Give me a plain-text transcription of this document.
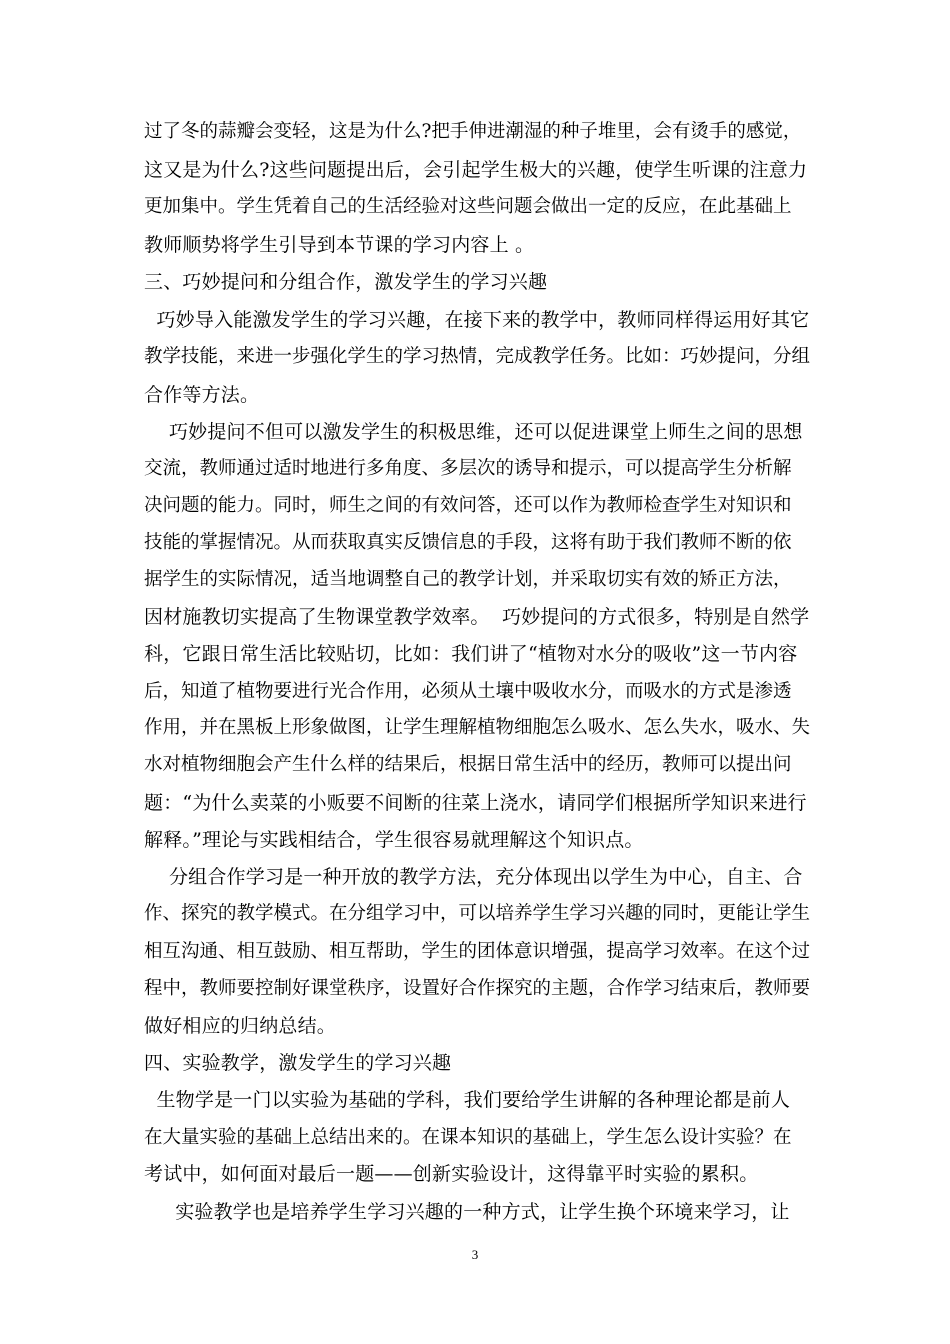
过了冬的蒜瓣会变轻，这是为什么?把手伸进潮湿的种子堆里，会有烫手的感觉，
这又是为什么?这些问题提出后，会引起学生极大的兴趣，使学生听课的注意力
更加集中。学生凭着自己的生活经验对这些问题会做出一定的反应，在此基础上
教师顺势将学生引导到本节课的学习内容上 。
三、巧妙提问和分组合作，激发学生的学习兴趣
巧妙导入能激发学生的学习兴趣，在接下来的教学中，教师同样得运用好其它
教学技能，来进一步强化学生的学习热情，完成教学任务。比如：巧妙提问，分组
合作等方法。
巧妙提问不但可以激发学生的积极思维，还可以促进课堂上师生之间的思想
交流，教师通过适时地进行多角度、多层次的诱导和提示，可以提高学生分析解
决问题的能力。同时，师生之间的有效问答，还可以作为教师检查学生对知识和
技能的掌握情况。从而获取真实反馈信息的手段，这将有助于我们教师不断的依
据学生的实际情况，适当地调整自己的教学计划，并采取切实有效的矫正方法，
因材施教切实提高了生物课堂教学效率。  巧妙提问的方式很多，特别是自然学
科，它跟日常生活比较贴切，比如：我们讲了“植物对水分的吸收”这一节内容
后，知道了植物要进行光合作用，必须从土壤中吸收水分，而吸水的方式是渗透
作用，并在黑板上形象做图，让学生理解植物细胞怎么吸水、怎么失水，吸水、失
水对植物细胞会产生什么样的结果后，根据日常生活中的经历，教师可以提出问
题：“为什么卖菜的小贩要不间断的往菜上浇水，请同学们根据所学知识来进行
解释。”理论与实践相结合，学生很容易就理解这个知识点。
分组合作学习是一种开放的教学方法，充分体现出以学生为中心，自主、合
作、探究的教学模式。在分组学习中，可以培养学生学习兴趣的同时，更能让学生
相互沟通、相互鼓励、相互帮助，学生的团体意识增强，提高学习效率。在这个过
程中，教师要控制好课堂秩序，设置好合作探究的主题，合作学习结束后，教师要
做好相应的归纳总结。
四、实验教学，激发学生的学习兴趣
生物学是一门以实验为基础的学科，我们要给学生讲解的各种理论都是前人
在大量实验的基础上总结出来的。在课本知识的基础上，学生怎么设计实验？在
考试中，如何面对最后一题——创新实验设计，这得靠平时实验的累积。
实验教学也是培养学生学习兴趣的一种方式，让学生换个环境来学习，让
3
